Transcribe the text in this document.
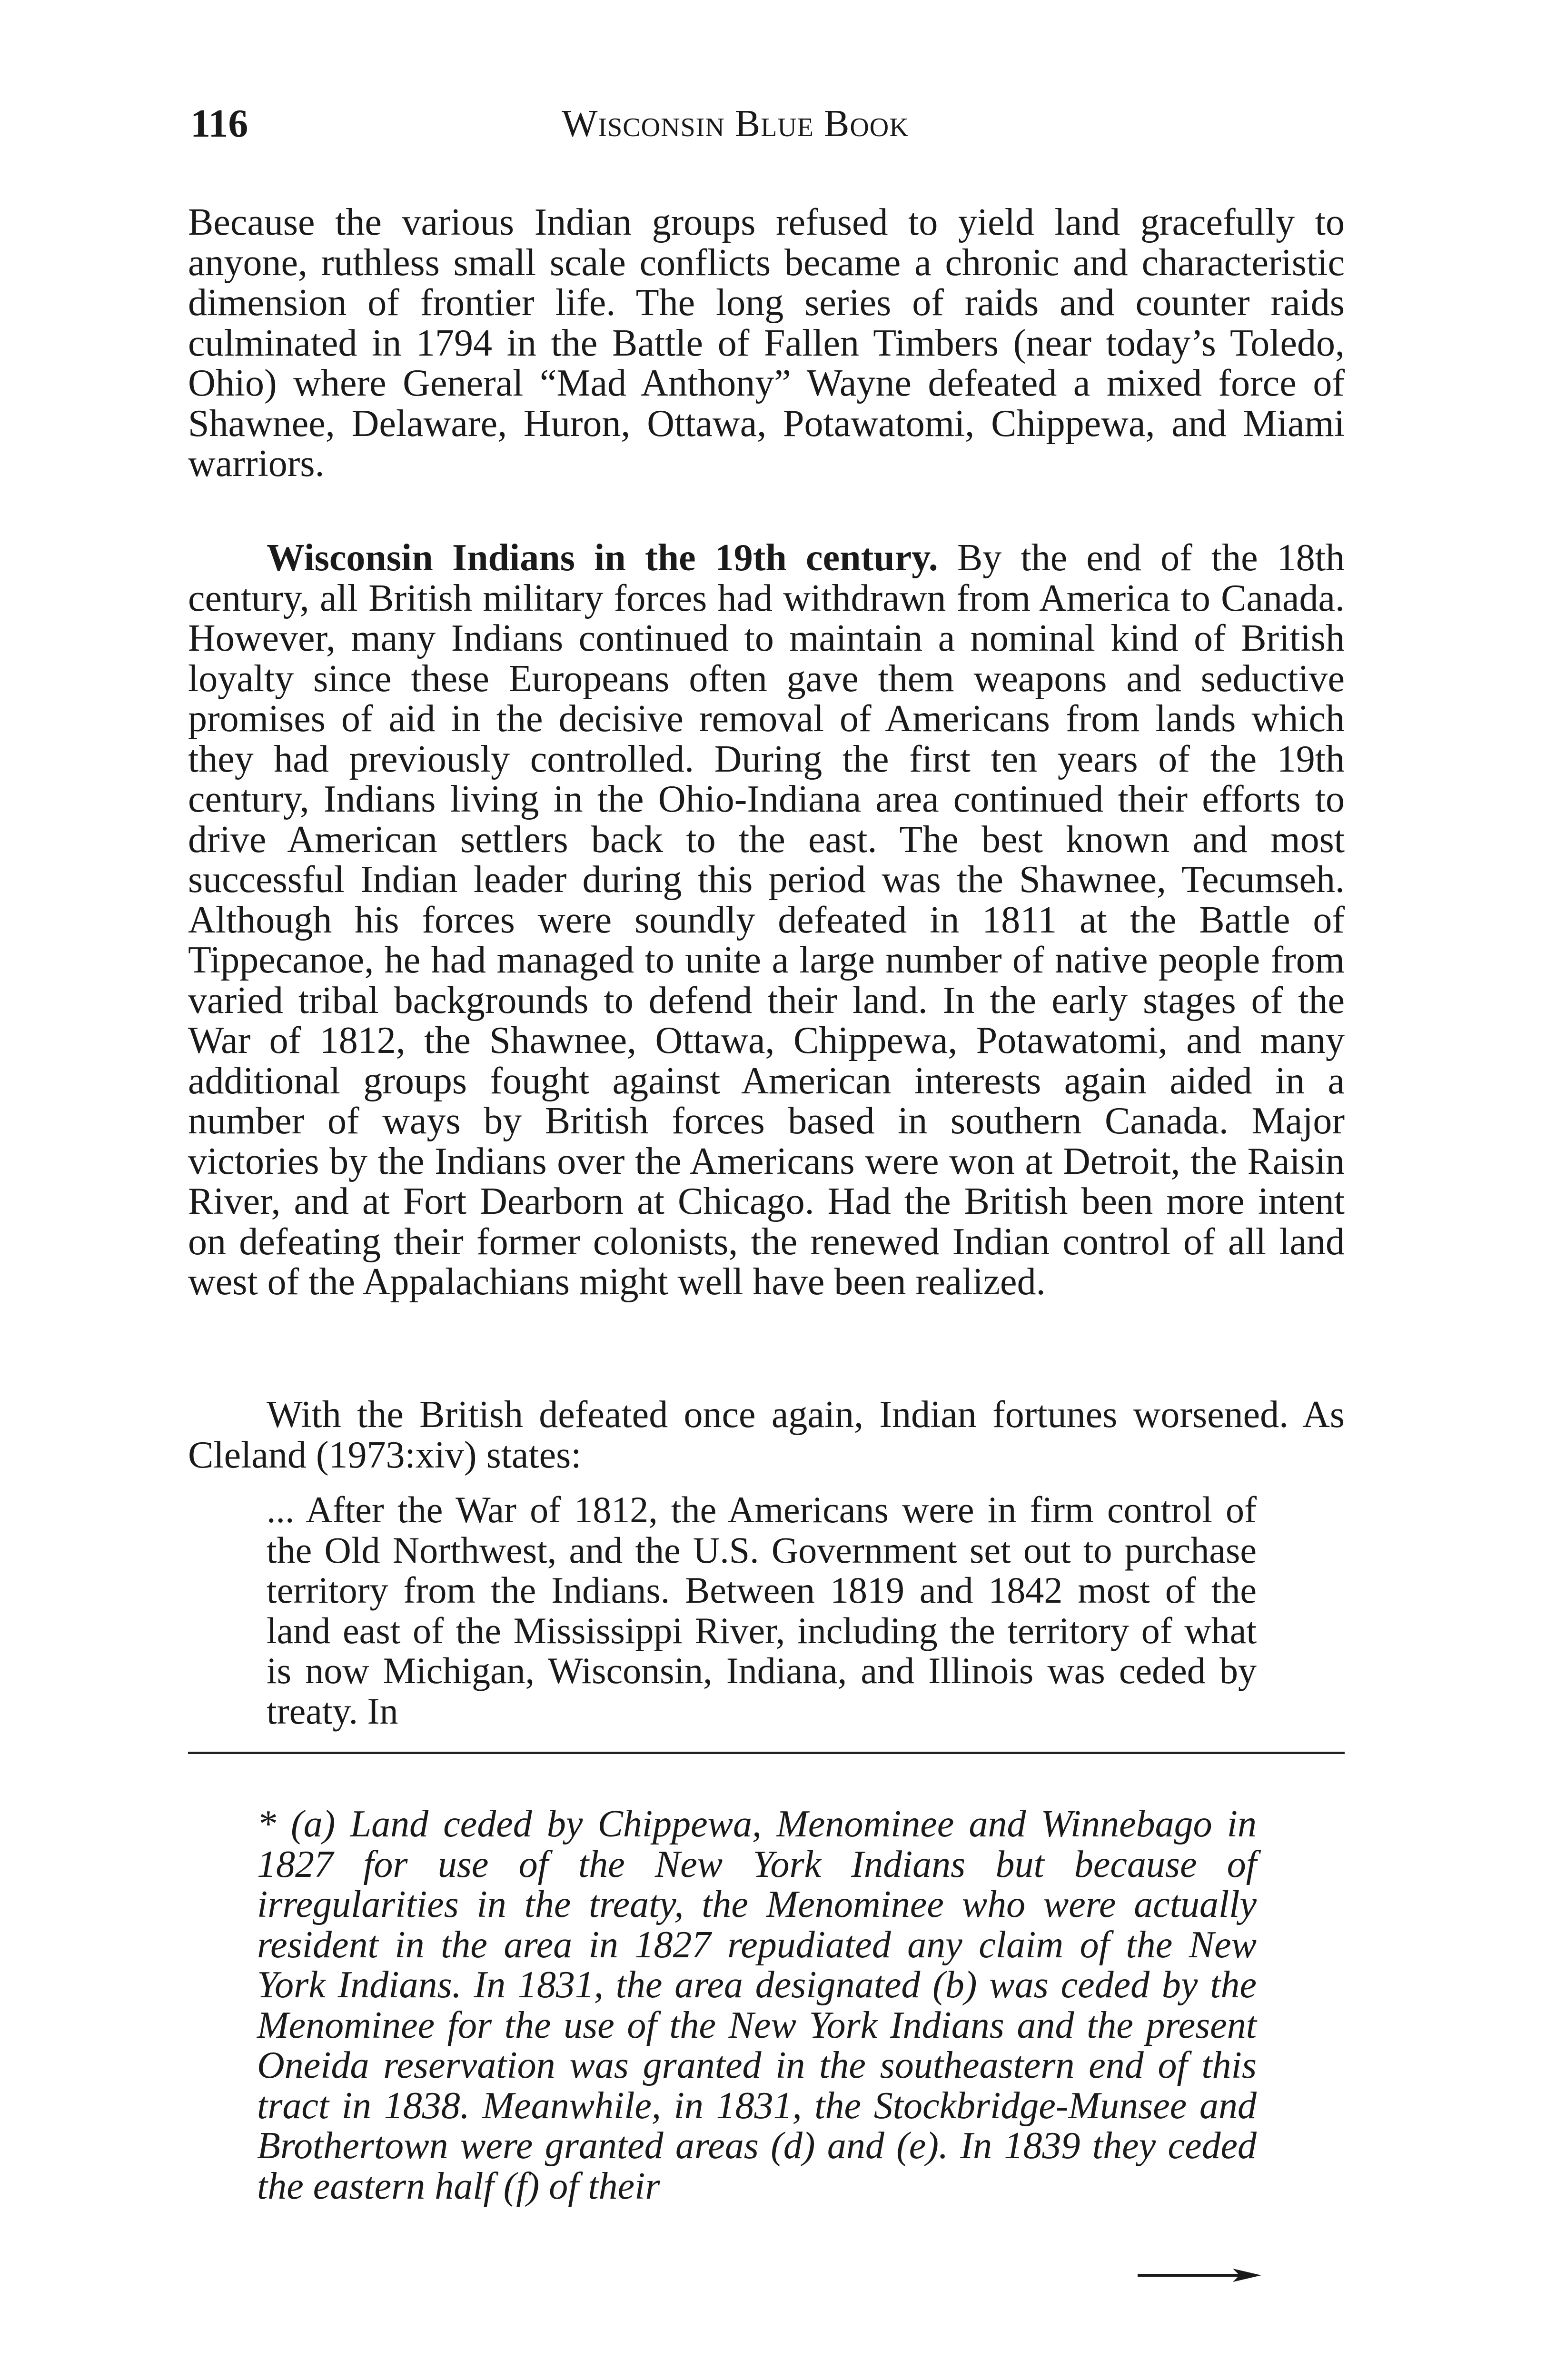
116	Wisconsin Blue Book

Because the various Indian groups refused to yield land gracefully to anyone, ruthless small scale conflicts became a chronic and characteristic dimension of frontier life. The long series of raids and counter raids culminated in 1794 in the Battle of Fallen Timbers (near today’s Toledo, Ohio) where General “Mad Anthony” Wayne defeated a mixed force of Shawnee, Delaware, Huron, Ottawa, Potawatomi, Chippewa, and Miami warriors.

Wisconsin Indians in the 19th century. By the end of the 18th century, all British military forces had withdrawn from America to Canada. However, many Indians continued to maintain a nominal kind of British loyalty since these Europeans often gave them weapons and seductive promises of aid in the decisive removal of Americans from lands which they had previously controlled. During the first ten years of the 19th century, Indians living in the Ohio-Indiana area continued their efforts to drive American settlers back to the east. The best known and most successful Indian leader during this period was the Shawnee, Tecumseh. Although his forces were soundly defeated in 1811 at the Battle of Tippecanoe, he had managed to unite a large number of native people from varied tribal backgrounds to defend their land. In the early stages of the War of 1812, the Shawnee, Ottawa, Chippewa, Potawatomi, and many additional groups fought against American interests again aided in a number of ways by British forces based in southern Canada. Major victories by the Indians over the Americans were won at Detroit, the Raisin River, and at Fort Dearborn at Chicago. Had the British been more intent on defeating their former colonists, the renewed Indian control of all land west of the Appalachians might well have been realized.

With the British defeated once again, Indian fortunes worsened. As Cleland (1973:xiv) states:

... After the War of 1812, the Americans were in firm control of the Old Northwest, and the U.S. Government set out to purchase territory from the Indians. Between 1819 and 1842 most of the land east of the Mississippi River, including the territory of what is now Michigan, Wisconsin, Indiana, and Illinois was ceded by treaty. In

* (a) Land ceded by Chippewa, Menominee and Winnebago in 1827 for use of the New York Indians but because of irregularities in the treaty, the Menominee who were actually resident in the area in 1827 repudiated any claim of the New York Indians. In 1831, the area designated (b) was ceded by the Menominee for the use of the New York Indians and the present Oneida reservation was granted in the southeastern end of this tract in 1838. Meanwhile, in 1831, the Stockbridge-Munsee and Brothertown were granted areas (d) and (e). In 1839 they ceded the eastern half (f) of their
